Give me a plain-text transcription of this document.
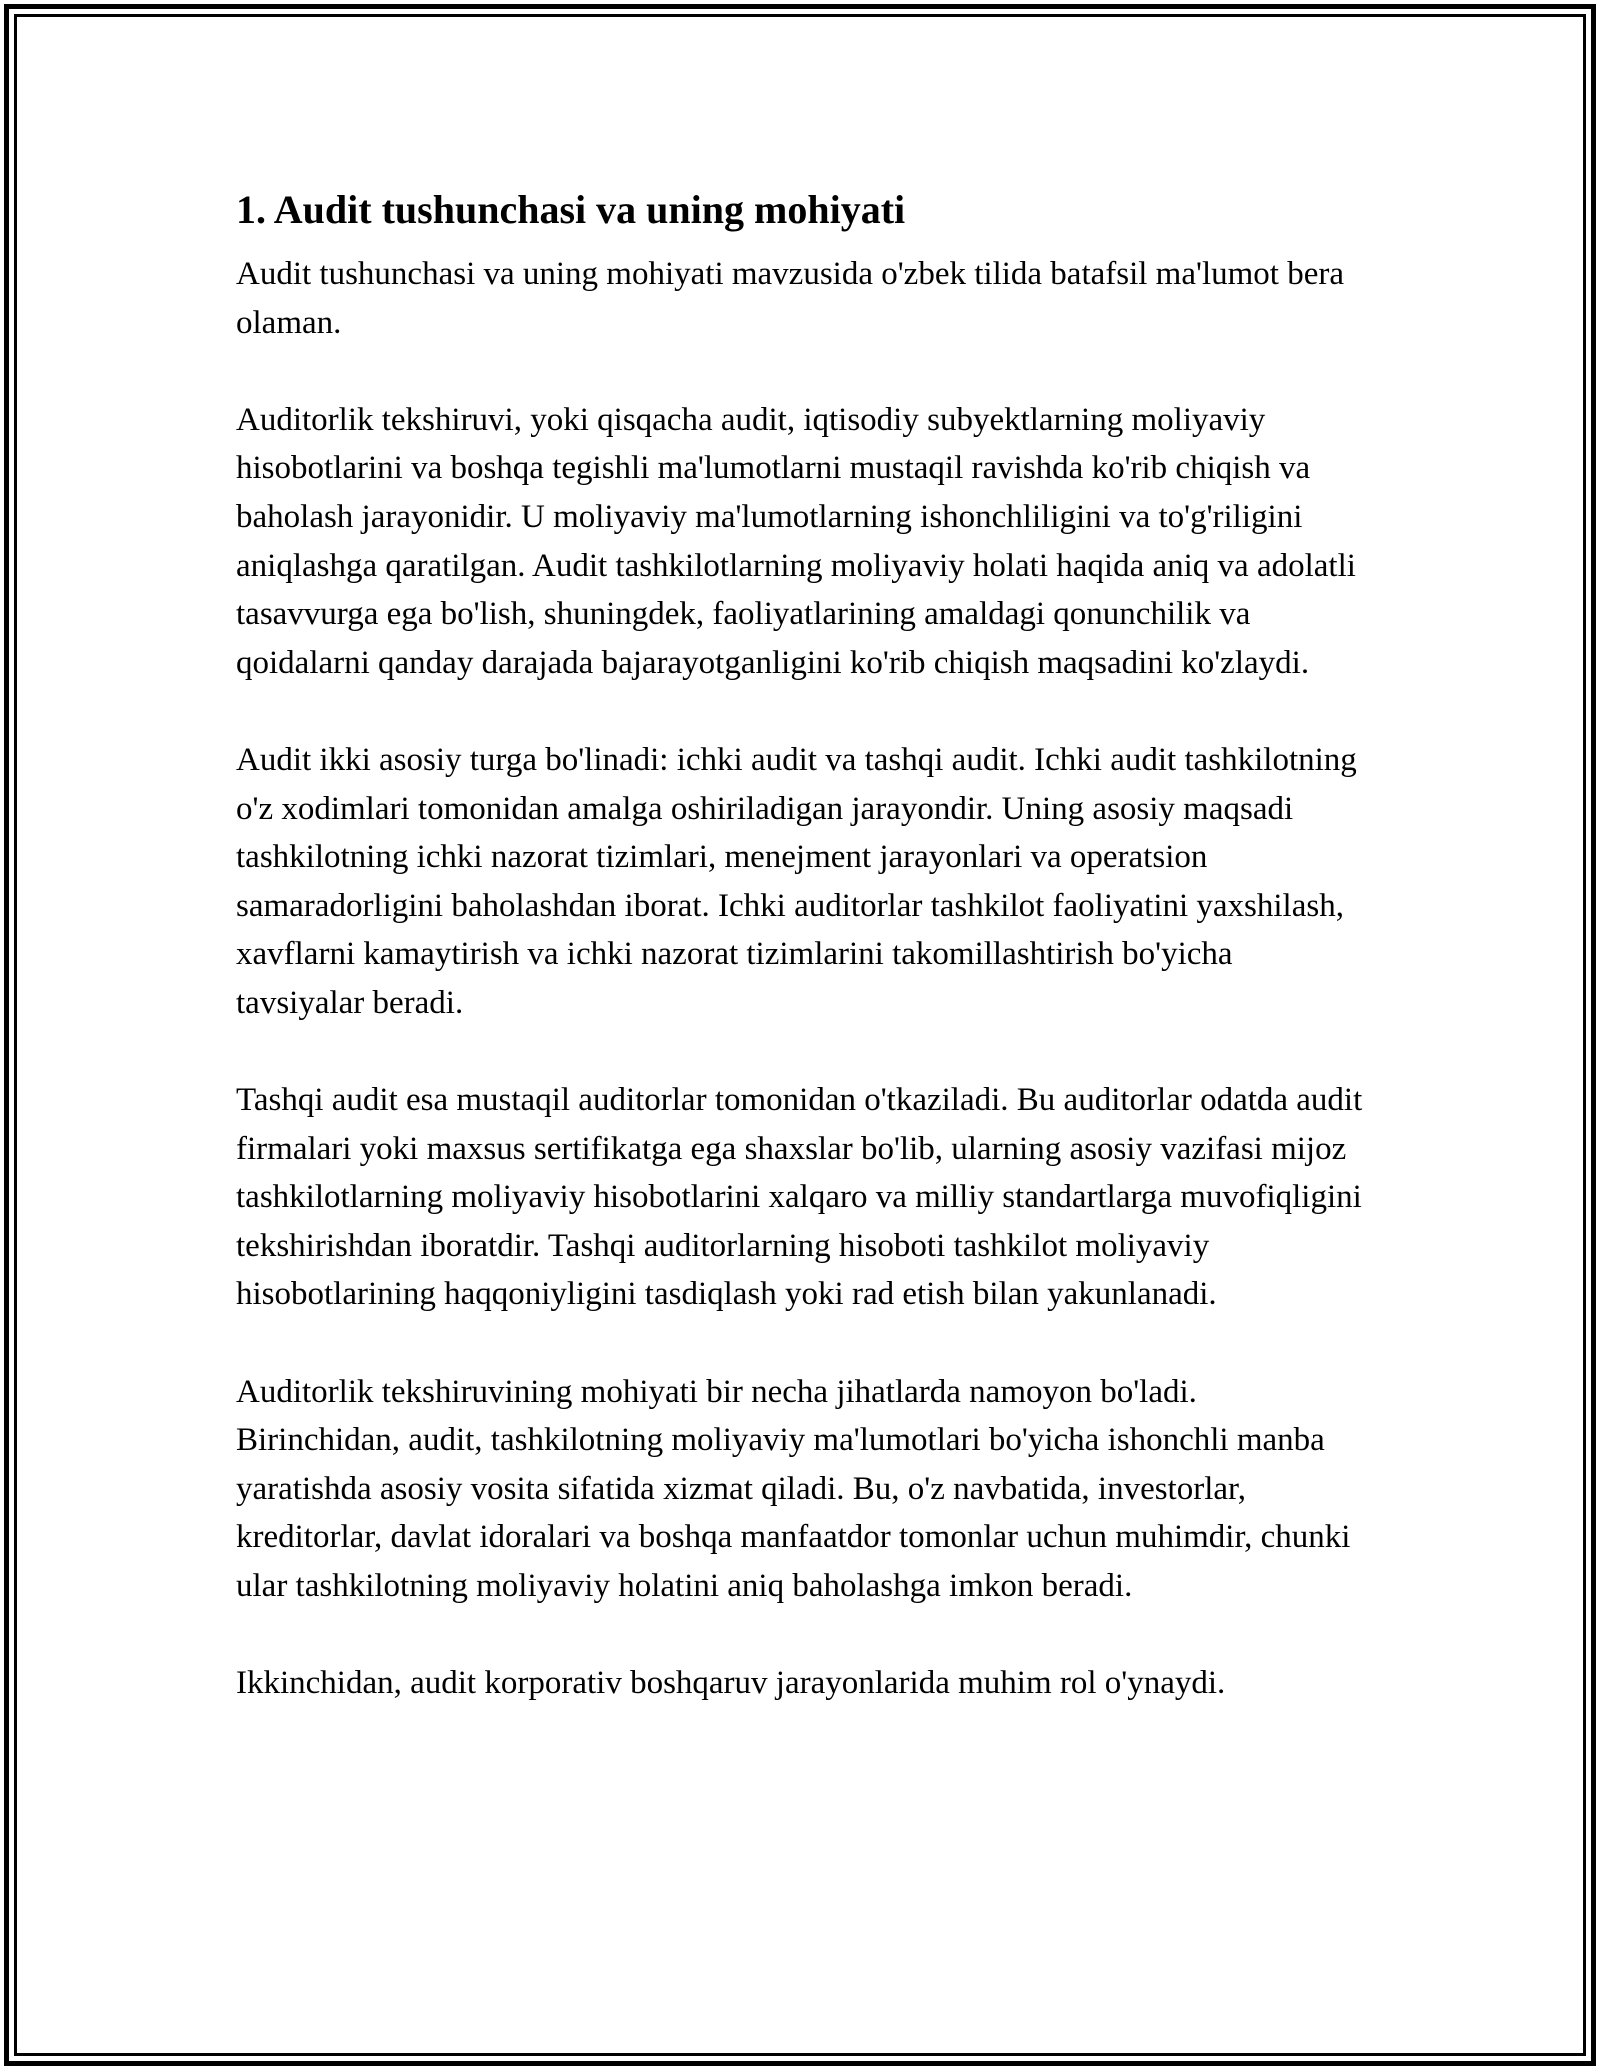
1. Audit tushunchasi va uning mohiyati

Audit tushunchasi va uning mohiyati mavzusida o'zbek tilida batafsil ma'lumot bera olaman.

Auditorlik tekshiruvi, yoki qisqacha audit, iqtisodiy subyektlarning moliyaviy hisobotlarini va boshqa tegishli ma'lumotlarni mustaqil ravishda ko'rib chiqish va baholash jarayonidir. U moliyaviy ma'lumotlarning ishonchliligini va to'g'riligini aniqlashga qaratilgan. Audit tashkilotlarning moliyaviy holati haqida aniq va adolatli tasavvurga ega bo'lish, shuningdek, faoliyatlarining amaldagi qonunchilik va qoidalarni qanday darajada bajarayotganligini ko'rib chiqish maqsadini ko'zlaydi.

Audit ikki asosiy turga bo'linadi: ichki audit va tashqi audit. Ichki audit tashkilotning o'z xodimlari tomonidan amalga oshiriladigan jarayondir. Uning asosiy maqsadi tashkilotning ichki nazorat tizimlari, menejment jarayonlari va operatsion samaradorligini baholashdan iborat. Ichki auditorlar tashkilot faoliyatini yaxshilash, xavflarni kamaytirish va ichki nazorat tizimlarini takomillashtirish bo'yicha tavsiyalar beradi.

Tashqi audit esa mustaqil auditorlar tomonidan o'tkaziladi. Bu auditorlar odatda audit firmalari yoki maxsus sertifikatga ega shaxslar bo'lib, ularning asosiy vazifasi mijoz tashkilotlarning moliyaviy hisobotlarini xalqaro va milliy standartlarga muvofiqligini tekshirishdan iboratdir. Tashqi auditorlarning hisoboti tashkilot moliyaviy hisobotlarining haqqoniyligini tasdiqlash yoki rad etish bilan yakunlanadi.

Auditorlik tekshiruvining mohiyati bir necha jihatlarda namoyon bo'ladi. Birinchidan, audit, tashkilotning moliyaviy ma'lumotlari bo'yicha ishonchli manba yaratishda asosiy vosita sifatida xizmat qiladi. Bu, o'z navbatida, investorlar, kreditorlar, davlat idoralari va boshqa manfaatdor tomonlar uchun muhimdir, chunki ular tashkilotning moliyaviy holatini aniq baholashga imkon beradi.

Ikkinchidan, audit korporativ boshqaruv jarayonlarida muhim rol o'ynaydi.
